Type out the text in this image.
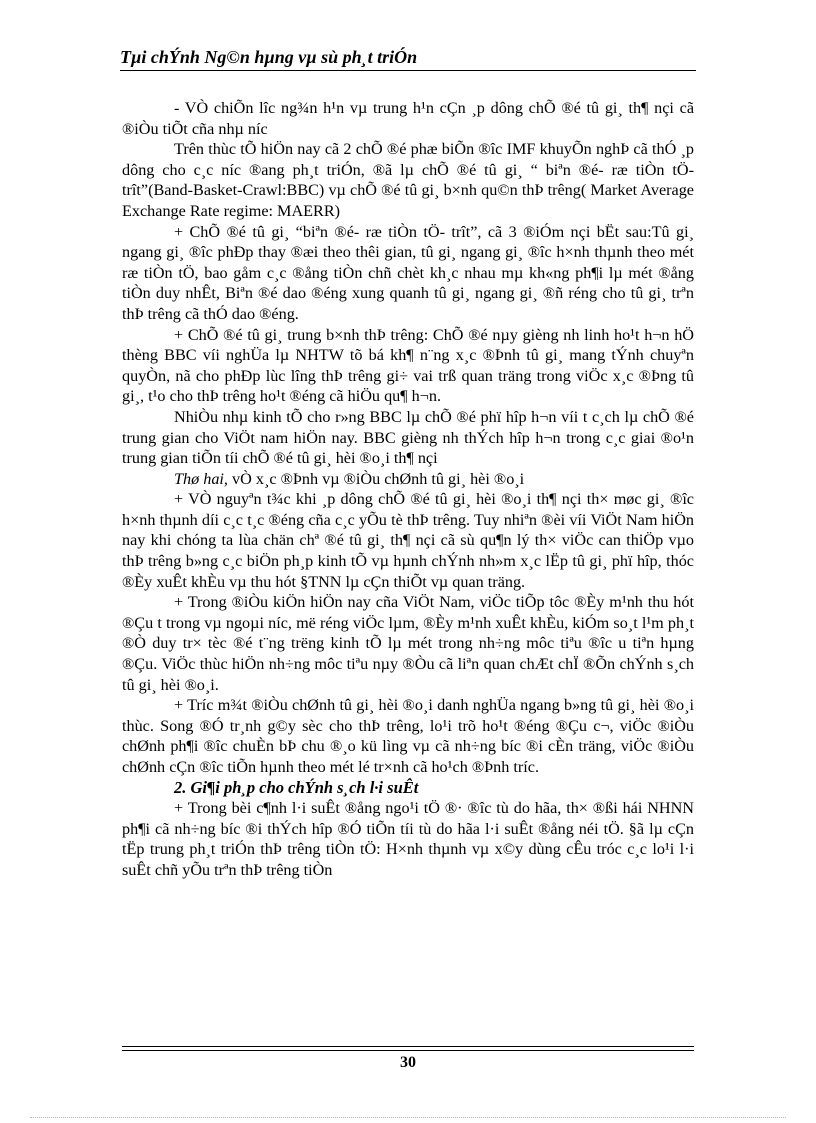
Tµi chÝnh Ng©n hµng vµ sù ph¸t triÓn

- VÒ chiÕn lîc ng¾n h¹n vµ trung h¹n cÇn ¸p dông chÕ ®é tû gi¸ th¶ nçi cã ®iÒu tiÕt cña nhµ níc

Trên thùc tÕ hiÖn nay cã 2 chÕ ®é phæ biÕn ®îc IMF khuyÕn nghÞ cã thÓ ¸p dông cho c¸c níc ®ang ph¸t triÓn, ®ã lµ chÕ ®é tû gi¸ “ biªn ®é- ræ tiÒn tÖ- trît”(Band-Basket-Crawl:BBC) vµ chÕ ®é tû gi¸ b×nh qu©n thÞ trêng( Market Average Exchange Rate regime: MAERR)

+ ChÕ ®é tû gi¸ “biªn ®é- ræ tiÒn tÖ- trît”, cã 3 ®iÓm nçi bËt sau:Tû gi¸ ngang gi¸ ®îc phÐp thay ®æi theo thêi gian, tû gi¸ ngang gi¸ ®îc h×nh thµnh theo mét ræ tiÒn tÖ, bao gåm c¸c ®ång tiÒn chñ chèt kh¸c nhau mµ kh«ng ph¶i lµ mét ®ång tiÒn duy nhÊt, Biªn ®é dao ®éng xung quanh tû gi¸ ngang gi¸ ®ñ réng cho tû gi¸ trªn thÞ trêng cã thÓ dao ®éng.

+ ChÕ ®é tû gi¸ trung b×nh thÞ trêng: ChÕ ®é nµy gièng nh linh ho¹t h¬n hÖ thèng BBC víi nghÜa lµ NHTW tõ bá kh¶ n¨ng x¸c ®Þnh tû gi¸ mang tÝnh chuyªn quyÒn, nã cho phÐp lùc lîng thÞ trêng gi÷ vai trß quan träng trong viÖc x¸c ®Þng tû gi¸, t¹o cho thÞ trêng ho¹t ®éng cã hiÖu qu¶ h¬n.

NhiÒu nhµ kinh tÕ cho r»ng BBC lµ chÕ ®é phï hîp h¬n víi t c¸ch lµ chÕ ®é trung gian cho ViÖt nam hiÖn nay. BBC gièng nh thÝch hîp h¬n trong c¸c giai ®o¹n trung gian tiÕn tíi chÕ ®é tû gi¸ hèi ®o¸i th¶ nçi

Thø hai, vÒ x¸c ®Þnh vµ ®iÒu chØnh tû gi¸ hèi ®o¸i

+ VÒ nguyªn t¾c khi ¸p dông chÕ ®é tû gi¸ hèi ®o¸i th¶ nçi th× møc gi¸ ®îc h×nh thµnh díi c¸c t¸c ®éng cña c¸c yÕu tè thÞ trêng. Tuy nhiªn ®èi víi ViÖt Nam hiÖn nay khi chóng ta lùa chän chª ®é tû gi¸ th¶ nçi cã sù qu¶n lý th× viÖc can thiÖp vµo thÞ trêng b»ng c¸c biÖn ph¸p kinh tÕ vµ hµnh chÝnh nh»m x¸c lËp tû gi¸ phï hîp, thóc ®Èy xuÊt khÈu vµ thu hót §TNN lµ cÇn thiÕt vµ quan träng.

+ Trong ®iÒu kiÖn hiÖn nay cña ViÖt Nam, viÖc tiÕp tôc ®Èy m¹nh thu hót ®Çu t trong vµ ngoµi níc, më réng viÖc lµm, ®Èy m¹nh xuÊt khÈu, kiÓm so¸t l¹m ph¸t ®Ò duy tr× tèc ®é t¨ng trëng kinh tÕ lµ mét trong nh÷ng môc tiªu ®îc u tiªn hµng ®Çu. ViÖc thùc hiÖn nh÷ng môc tiªu nµy ®Òu cã liªn quan chÆt chÏ ®Õn chÝnh s¸ch tû gi¸ hèi ®o¸i.

+ Tríc m¾t ®iÒu chØnh tû gi¸ hèi ®o¸i danh nghÜa ngang b»ng tû gi¸ hèi ®o¸i thùc. Song ®Ó tr¸nh g©y sèc cho thÞ trêng, lo¹i trõ ho¹t ®éng ®Çu c¬, viÖc ®iÒu chØnh ph¶i ®îc chuÈn bÞ chu ®¸o kü lìng vµ cã nh÷ng bíc ®i cÈn träng, viÖc ®iÒu chØnh cÇn ®îc tiÕn hµnh theo mét lé tr×nh cã ho¹ch ®Þnh tríc.

2. Gi¶i ph¸p cho chÝnh s¸ch l·i suÊt

+ Trong bèi c¶nh l·i suÊt ®ång ngo¹i tÖ ®· ®îc tù do hãa, th× ®ßi hái NHNN ph¶i cã nh÷ng bíc ®i thÝch hîp ®Ó tiÕn tíi tù do hãa l·i suÊt ®ång néi tÖ. §ã lµ cÇn tËp trung ph¸t triÓn thÞ trêng tiÒn tÖ: H×nh thµnh vµ x©y dùng cÊu tróc c¸c lo¹i l·i suÊt chñ yÕu trªn thÞ trêng tiÒn

30
